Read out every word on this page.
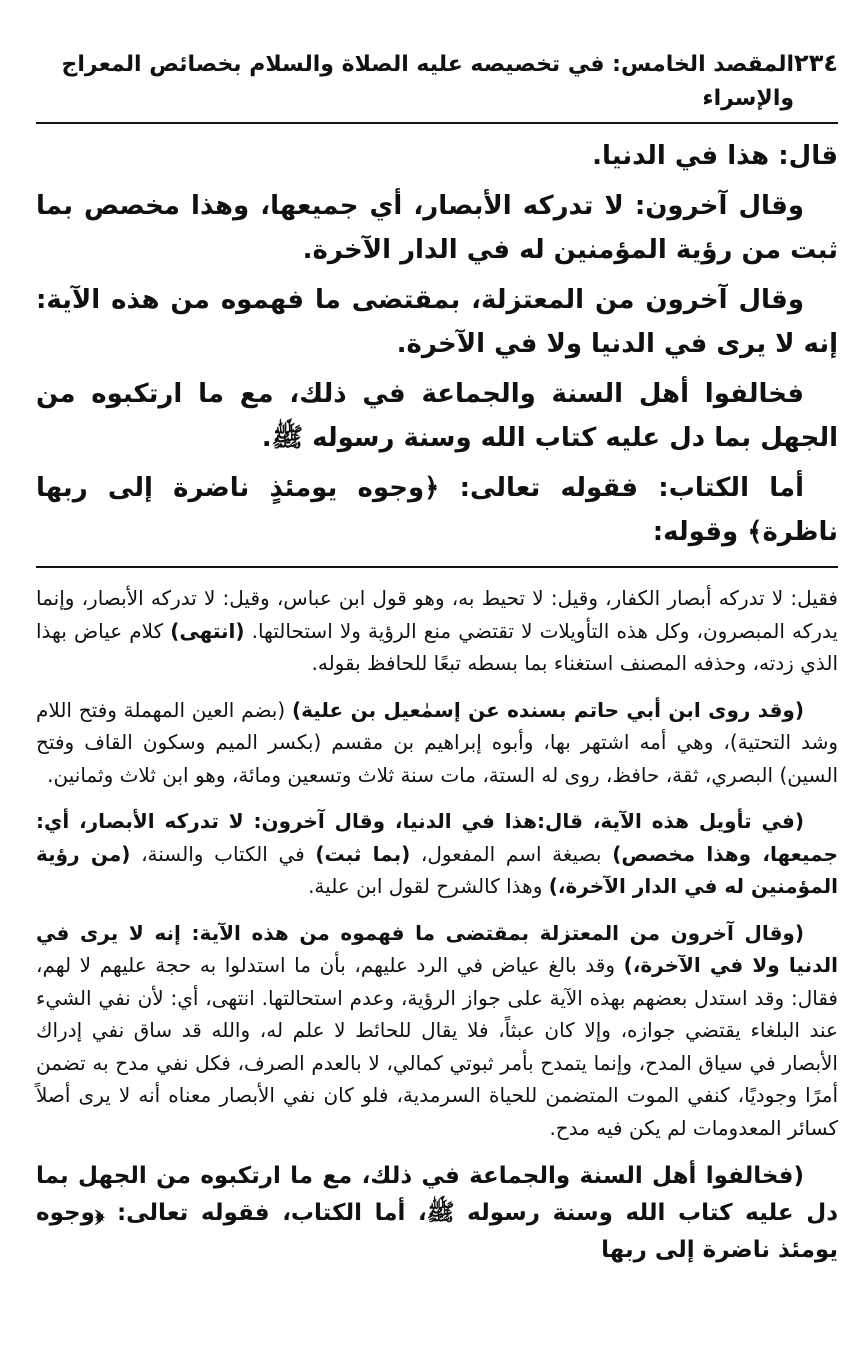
٢٣٤
المقصد الخامس: في تخصيصه عليه الصلاة والسلام بخصائص المعراج والإسراء

قال: هذا في الدنيا.

وقال آخرون: لا تدركه الأبصار، أي جميعها، وهذا مخصص بما ثبت من رؤية المؤمنين له في الدار الآخرة.

وقال آخرون من المعتزلة، بمقتضى ما فهموه من هذه الآية: إنه لا يرى في الدنيا ولا في الآخرة.

فخالفوا أهل السنة والجماعة في ذلك، مع ما ارتكبوه من الجهل بما دل عليه كتاب الله وسنة رسوله ﷺ.

أما الكتاب: فقوله تعالى: ﴿وجوه يومئذٍ ناضرة إلى ربها ناظرة﴾ وقوله:

فقيل: لا تدركه أبصار الكفار، وقيل: لا تحيط به، وهو قول ابن عباس، وقيل: لا تدركه الأبصار، وإنما يدركه المبصرون، وكل هذه التأويلات لا تقتضي منع الرؤية ولا استحالتها. (انتهى) كلام عياض بهذا الذي زدته، وحذفه المصنف استغناء بما بسطه تبعًا للحافظ بقوله.

(وقد روى ابن أبي حاتم بسنده عن إسمٰعيل بن علية) (بضم العين المهملة وفتح اللام وشد التحتية)، وهي أمه اشتهر بها، وأبوه إبراهيم بن مقسم (بكسر الميم وسكون القاف وفتح السين) البصري، ثقة، حافظ، روى له الستة، مات سنة ثلاث وتسعين ومائة، وهو ابن ثلاث وثمانين.

(في تأويل هذه الآية، قال:هذا في الدنيا، وقال آخرون: لا تدركه الأبصار، أي: جميعها، وهذا مخصص) بصيغة اسم المفعول، (بما ثبت) في الكتاب والسنة، (من رؤية المؤمنين له في الدار الآخرة،) وهذا كالشرح لقول ابن علية.

(وقال آخرون من المعتزلة بمقتضى ما فهموه من هذه الآية: إنه لا يرى في الدنيا ولا في الآخرة،) وقد بالغ عياض في الرد عليهم، بأن ما استدلوا به حجة عليهم لا لهم، فقال: وقد استدل بعضهم بهذه الآية على جواز الرؤية، وعدم استحالتها. انتهى، أي: لأن نفي الشيء عند البلغاء يقتضي جوازه، وإلا كان عبثاً، فلا يقال للحائط لا علم له، والله قد ساق نفي إدراك الأبصار في سياق المدح، وإنما يتمدح بأمر ثبوتي كمالي، لا بالعدم الصرف، فكل نفي مدح به تضمن أمرًا وجوديًا، كنفي الموت المتضمن للحياة السرمدية، فلو كان نفي الأبصار معناه أنه لا يرى أصلاً كسائر المعدومات لم يكن فيه مدح.

(فخالفوا أهل السنة والجماعة في ذلك، مع ما ارتكبوه من الجهل بما دل عليه كتاب الله وسنة رسوله ﷺ، أما الكتاب، فقوله تعالى: ﴿وجوه يومئذ ناضرة إلى ربها
